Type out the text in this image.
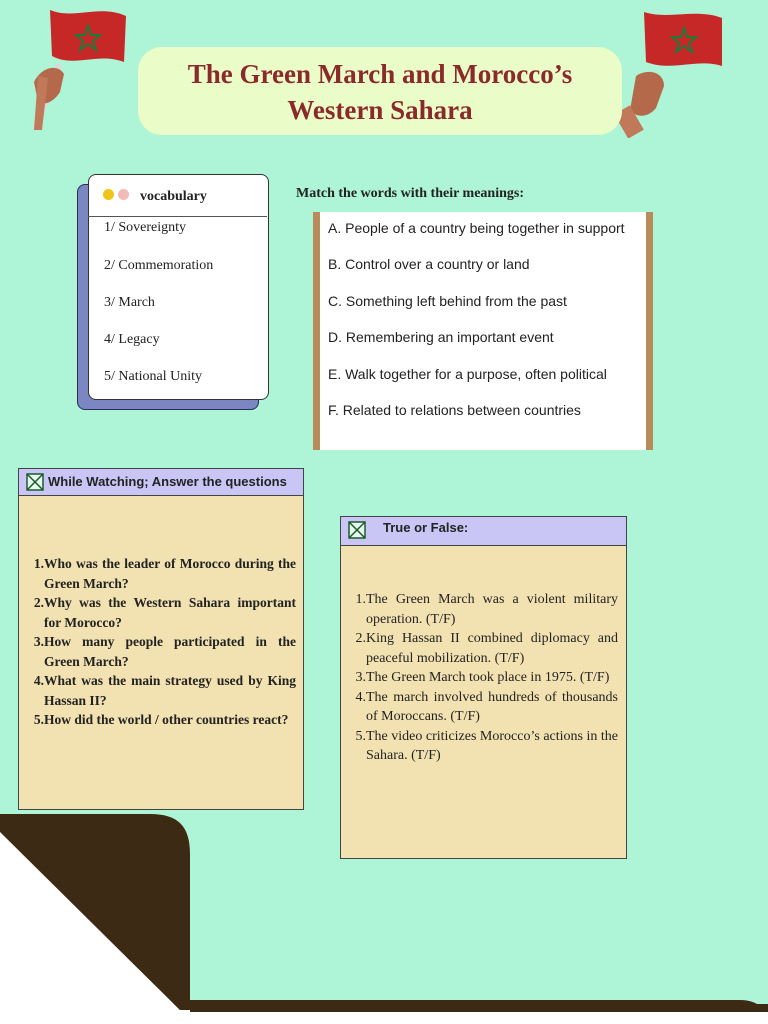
The Green March and Morocco’s
Western Sahara
vocabulary
1/ Sovereignty
2/ Commemoration
3/ March
4/ Legacy
5/ National Unity
Match the words with their meanings:
A. People of a country being together in support
B. Control over a country or land
C. Something left behind from the past
D. Remembering an important event
E. Walk together for a purpose, often political
F. Related to relations between countries
While Watching; Answer the questions
1. Who was the leader of Morocco during the Green March?
2. Why was the Western Sahara important for Morocco?
3. How many people participated in the Green March?
4. What was the main strategy used by King Hassan II?
5. How did the world / other countries react?
True or False:
1. The Green March was a violent military operation. (T/F)
2. King Hassan II combined diplomacy and peaceful mobilization. (T/F)
3. The Green March took place in 1975. (T/F)
4. The march involved hundreds of thousands of Moroccans. (T/F)
5. The video criticizes Morocco’s actions in the Sahara. (T/F)
